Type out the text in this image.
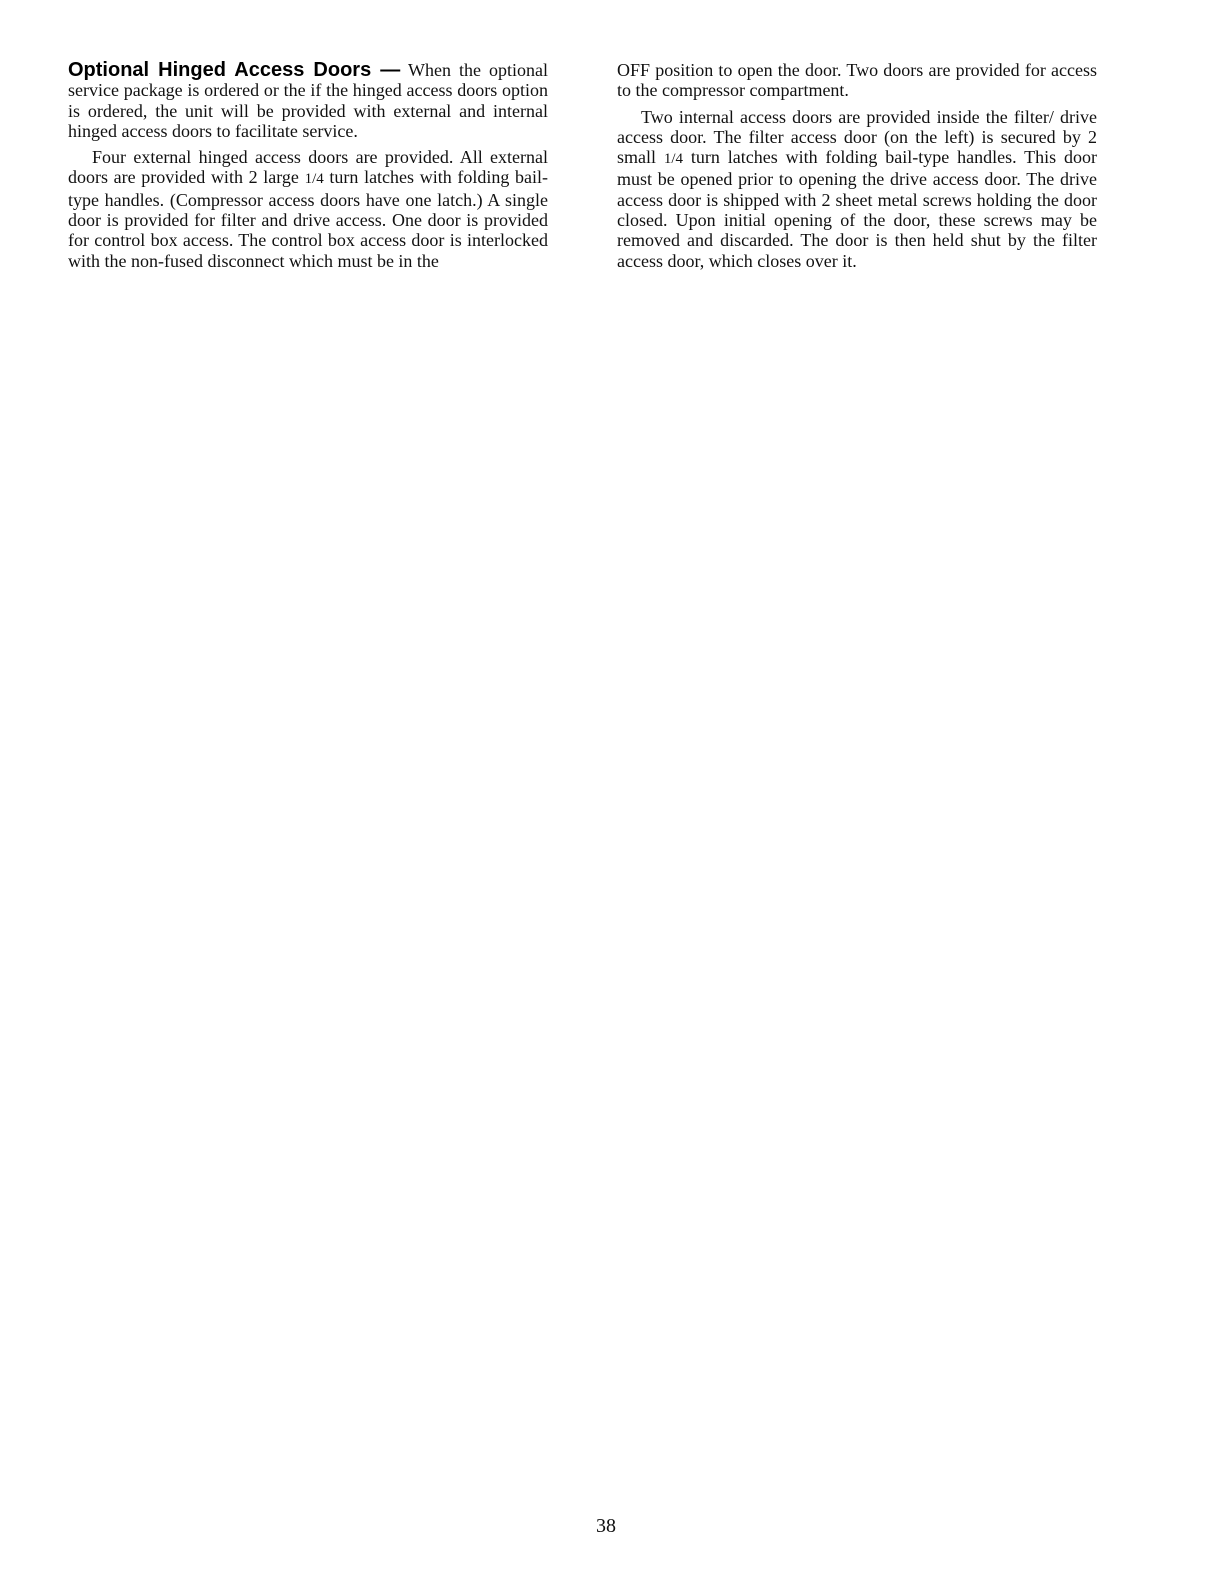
Optional Hinged Access Doors — When the optional service package is ordered or the if the hinged access doors option is ordered, the unit will be provided with external and internal hinged access doors to facilitate service.

Four external hinged access doors are provided. All external doors are provided with 2 large 1/4 turn latches with folding bail-type handles. (Compressor access doors have one latch.) A single door is provided for filter and drive access. One door is provided for control box access. The control box access door is interlocked with the non-fused disconnect which must be in the

OFF position to open the door. Two doors are provided for access to the compressor compartment.

Two internal access doors are provided inside the filter/ drive access door. The filter access door (on the left) is secured by 2 small 1/4 turn latches with folding bail-type handles. This door must be opened prior to opening the drive access door. The drive access door is shipped with 2 sheet metal screws holding the door closed. Upon initial opening of the door, these screws may be removed and discarded. The door is then held shut by the filter access door, which closes over it.

38
